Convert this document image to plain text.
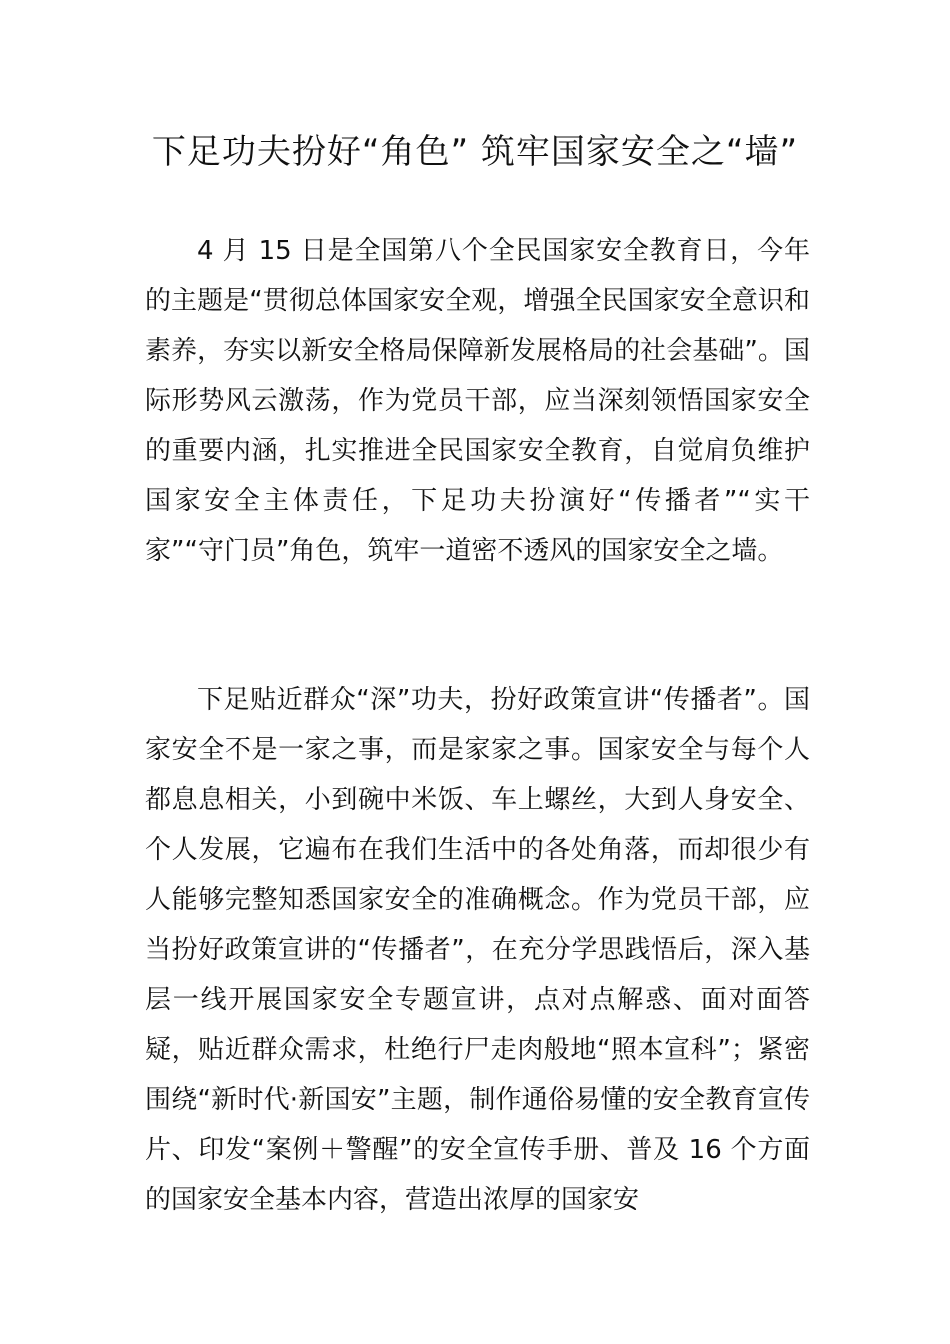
下足功夫扮好“角色” 筑牢国家安全之“墙”

4 月 15 日是全国第八个全民国家安全教育日，今年的主题是“贯彻总体国家安全观，增强全民国家安全意识和素养，夯实以新安全格局保障新发展格局的社会基础”。国际形势风云激荡，作为党员干部，应当深刻领悟国家安全的重要内涵，扎实推进全民国家安全教育，自觉肩负维护国家安全主体责任，下足功夫扮演好“传播者”“实干家”“守门员”角色，筑牢一道密不透风的国家安全之墙。

下足贴近群众“深”功夫，扮好政策宣讲“传播者”。国家安全不是一家之事，而是家家之事。国家安全与每个人都息息相关，小到碗中米饭、车上螺丝，大到人身安全、个人发展，它遍布在我们生活中的各处角落，而却很少有人能够完整知悉国家安全的准确概念。作为党员干部，应当扮好政策宣讲的“传播者”，在充分学思践悟后，深入基层一线开展国家安全专题宣讲，点对点解惑、面对面答疑，贴近群众需求，杜绝行尸走肉般地“照本宣科”；紧密围绕“新时代·新国安”主题，制作通俗易懂的安全教育宣传片、印发“案例＋警醒”的安全宣传手册、普及 16 个方面的国家安全基本内容，营造出浓厚的国家安
